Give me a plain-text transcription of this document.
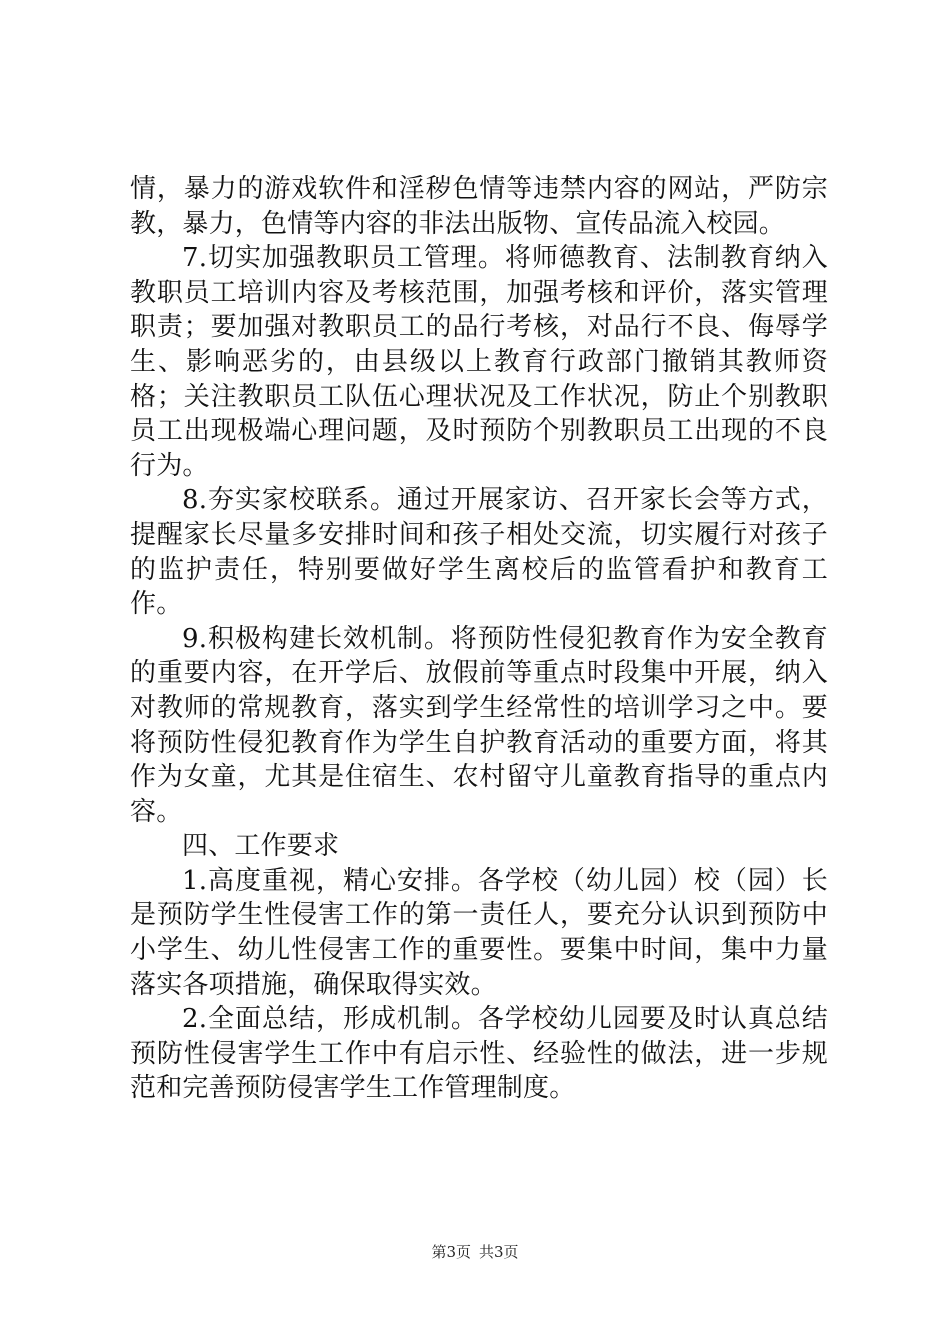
情，暴力的游戏软件和淫秽色情等违禁内容的网站，严防宗教，暴力，色情等内容的非法出版物、宣传品流入校园。

7.切实加强教职员工管理。将师德教育、法制教育纳入教职员工培训内容及考核范围，加强考核和评价，落实管理职责；要加强对教职员工的品行考核，对品行不良、侮辱学生、影响恶劣的，由县级以上教育行政部门撤销其教师资格；关注教职员工队伍心理状况及工作状况，防止个别教职员工出现极端心理问题，及时预防个别教职员工出现的不良行为。

8.夯实家校联系。通过开展家访、召开家长会等方式，提醒家长尽量多安排时间和孩子相处交流，切实履行对孩子的监护责任，特别要做好学生离校后的监管看护和教育工作。

9.积极构建长效机制。将预防性侵犯教育作为安全教育的重要内容，在开学后、放假前等重点时段集中开展，纳入对教师的常规教育，落实到学生经常性的培训学习之中。要将预防性侵犯教育作为学生自护教育活动的重要方面，将其作为女童，尤其是住宿生、农村留守儿童教育指导的重点内容。

四、工作要求

1.高度重视，精心安排。各学校（幼儿园）校（园）长是预防学生性侵害工作的第一责任人，要充分认识到预防中小学生、幼儿性侵害工作的重要性。要集中时间，集中力量落实各项措施，确保取得实效。

2.全面总结，形成机制。各学校幼儿园要及时认真总结预防性侵害学生工作中有启示性、经验性的做法，进一步规范和完善预防侵害学生工作管理制度。

第3页 共3页
